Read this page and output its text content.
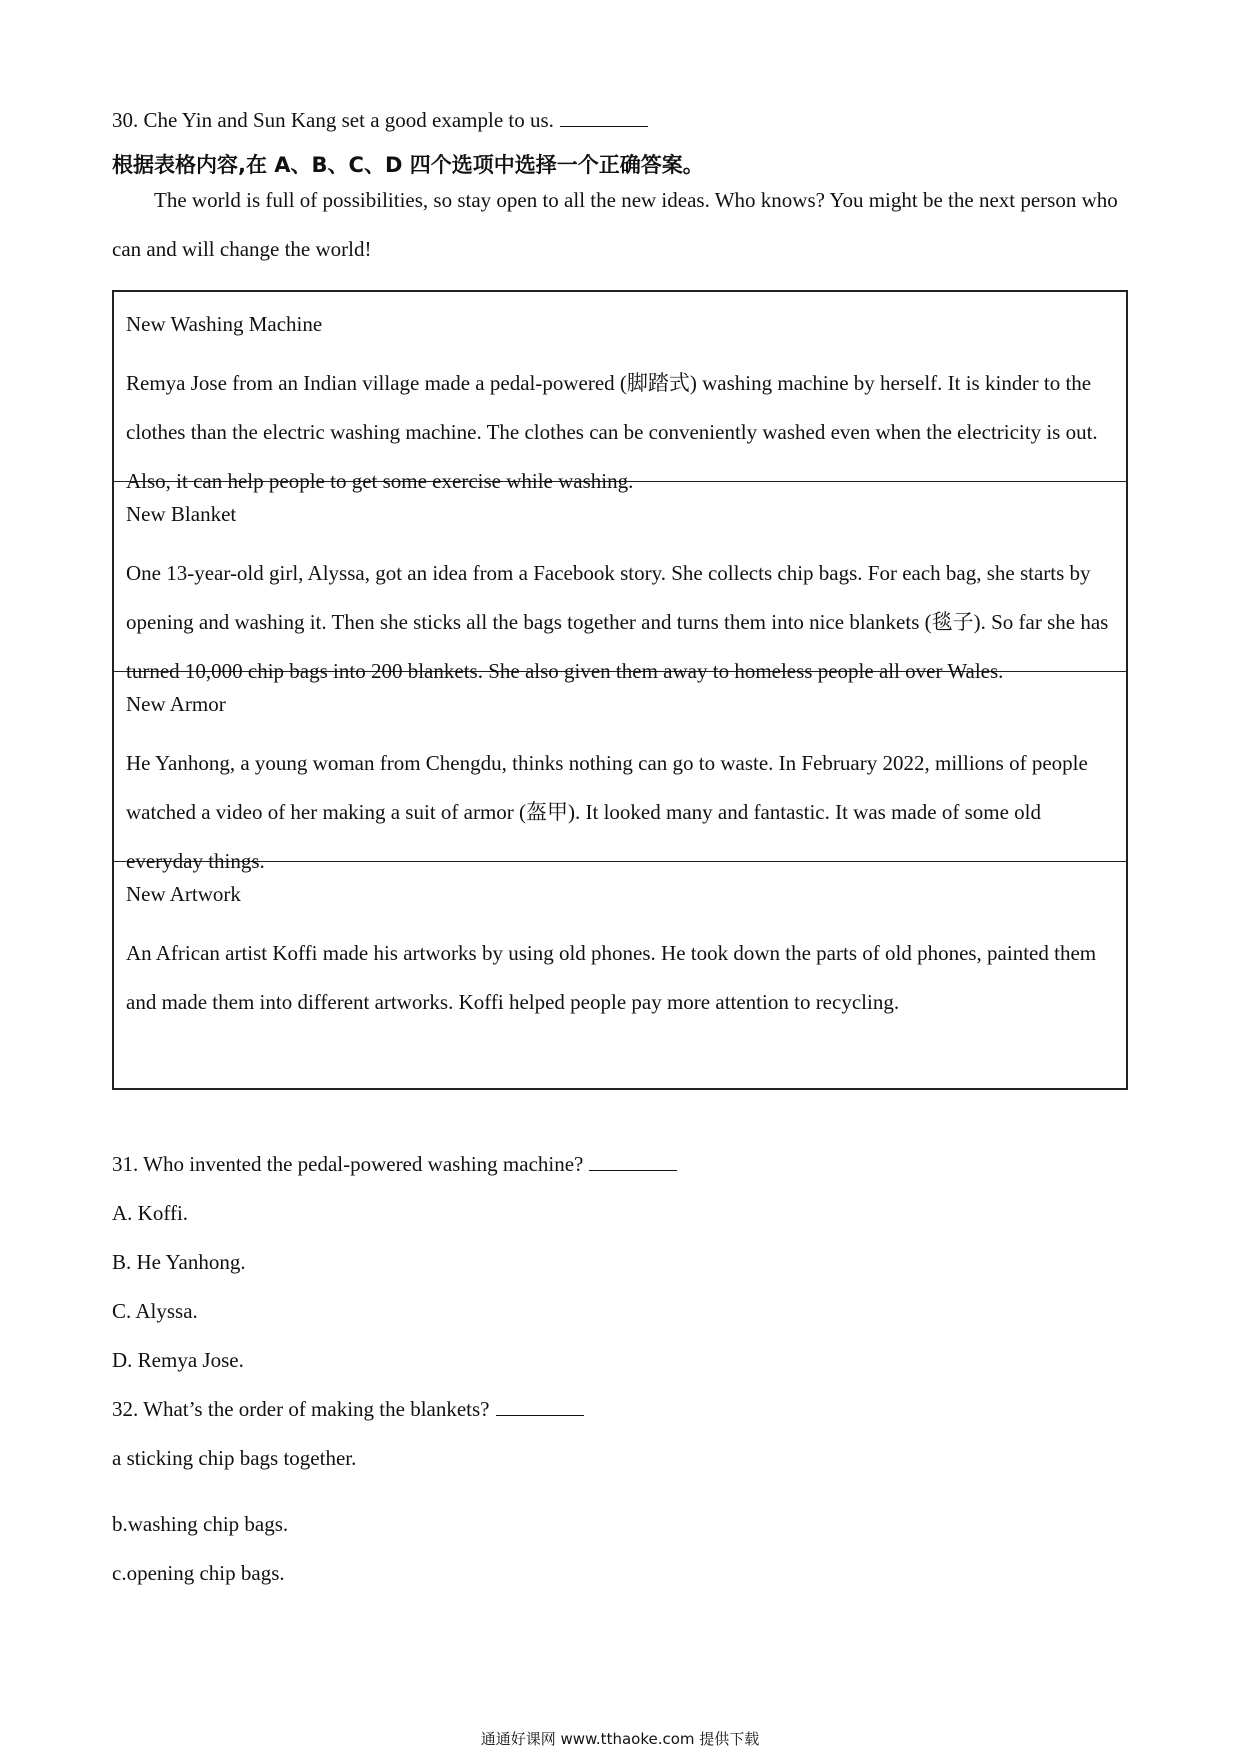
30. Che Yin and Sun Kang set a good example to us.
根据表格内容,在 A、B、C、D 四个选项中选择一个正确答案。
The world is full of possibilities, so stay open to all the new ideas. Who knows? You might be the next person who can and will change the world!
New Washing Machine
Remya Jose from an Indian village made a pedal-powered (脚踏式) washing machine by herself. It is kinder to the clothes than the electric washing machine. The clothes can be conveniently washed even when the electricity is out. Also, it can help people to get some exercise while washing.
New Blanket
One 13-year-old girl, Alyssa, got an idea from a Facebook story. She collects chip bags. For each bag, she starts by opening and washing it. Then she sticks all the bags together and turns them into nice blankets (毯子). So far she has turned 10,000 chip bags into 200 blankets. She also given them away to homeless people all over Wales.
New Armor
He Yanhong, a young woman from Chengdu, thinks nothing can go to waste. In February 2022, millions of people watched a video of her making a suit of armor (盔甲). It looked many and fantastic. It was made of some old everyday things.
New Artwork
An African artist Koffi made his artworks by using old phones. He took down the parts of old phones, painted them and made them into different artworks. Koffi helped people pay more attention to recycling.
31. Who invented the pedal-powered washing machine?
A. Koffi.
B. He Yanhong.
C. Alyssa.
D. Remya Jose.
32. What’s the order of making the blankets?
a sticking chip bags together.
b.washing chip bags.
c.opening chip bags.
通通好课网 www.tthaoke.com 提供下载
